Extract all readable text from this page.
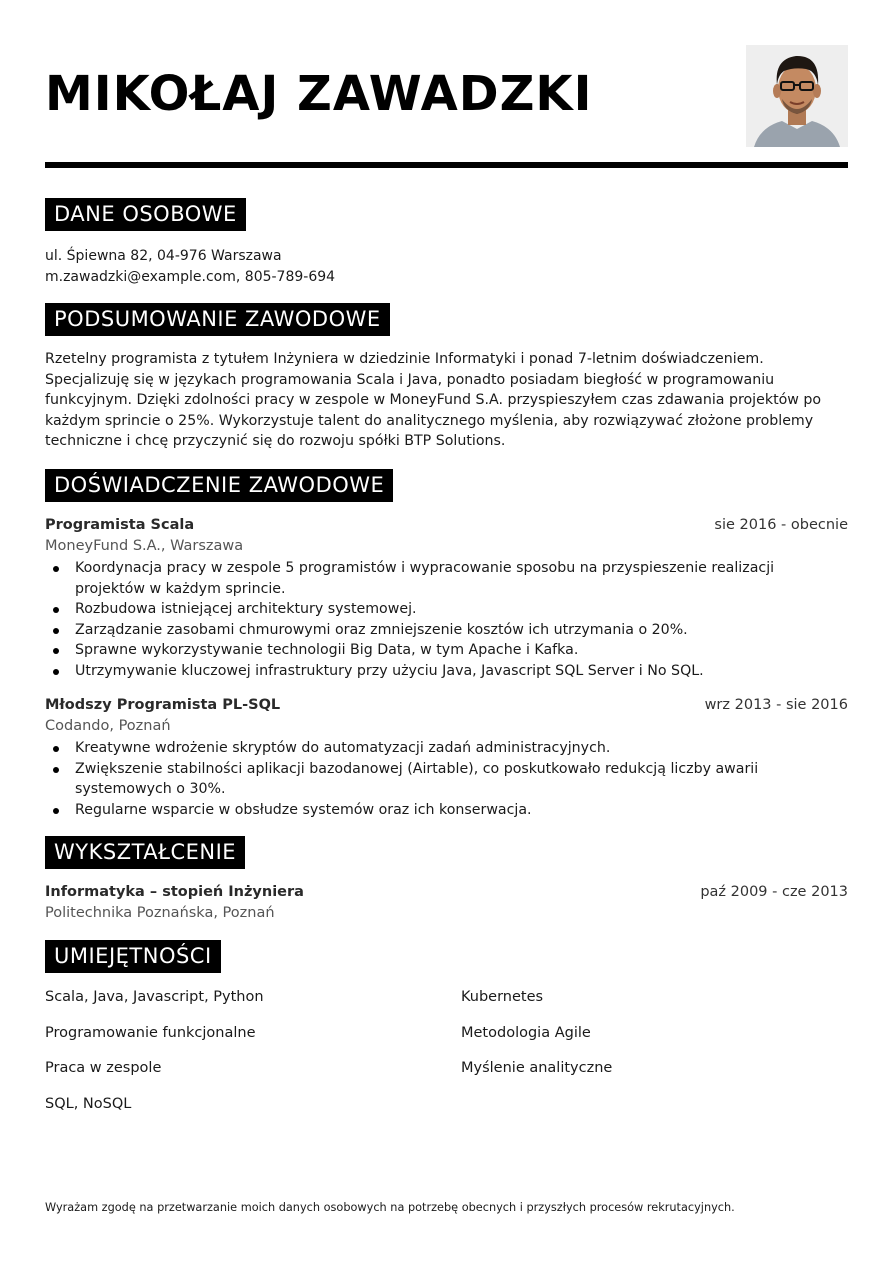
MIKOŁAJ ZAWADZKI
DANE OSOBOWE
ul. Śpiewna 82, 04-976 Warszawa
m.zawadzki@example.com, 805-789-694
PODSUMOWANIE ZAWODOWE
Rzetelny programista z tytułem Inżyniera w dziedzinie Informatyki i ponad 7-letnim doświadczeniem.
Specjalizuję się w językach programowania Scala i Java, ponadto posiadam biegłość w programowaniu
funkcyjnym. Dzięki zdolności pracy w zespole w MoneyFund S.A. przyspieszyłem czas zdawania projektów po
każdym sprincie o 25%. Wykorzystuje talent do analitycznego myślenia, aby rozwiązywać złożone problemy
techniczne i chcę przyczynić się do rozwoju spółki BTP Solutions.
DOŚWIADCZENIE ZAWODOWE
Programista Scala	sie 2016 - obecnie
MoneyFund S.A., Warszawa
Koordynacja pracy w zespole 5 programistów i wypracowanie sposobu na przyspieszenie realizacji projektów w każdym sprincie.
Rozbudowa istniejącej architektury systemowej.
Zarządzanie zasobami chmurowymi oraz zmniejszenie kosztów ich utrzymania o 20%.
Sprawne wykorzystywanie technologii Big Data, w tym Apache i Kafka.
Utrzymywanie kluczowej infrastruktury przy użyciu Java, Javascript SQL Server i No SQL.
Młodszy Programista PL-SQL	wrz 2013 - sie 2016
Codando, Poznań
Kreatywne wdrożenie skryptów do automatyzacji zadań administracyjnych.
Zwiększenie stabilności aplikacji bazodanowej (Airtable), co poskutkowało redukcją liczby awarii systemowych o 30%.
Regularne wsparcie w obsłudze systemów oraz ich konserwacja.
WYKSZTAŁCENIE
Informatyka – stopień Inżyniera	paź 2009 - cze 2013
Politechnika Poznańska, Poznań
UMIEJĘTNOŚCI
Scala, Java, Javascript, Python	Kubernetes
Programowanie funkcjonalne	Metodologia Agile
Praca w zespole	Myślenie analityczne
SQL, NoSQL
Wyrażam zgodę na przetwarzanie moich danych osobowych na potrzebę obecnych i przyszłych procesów rekrutacyjnych.
